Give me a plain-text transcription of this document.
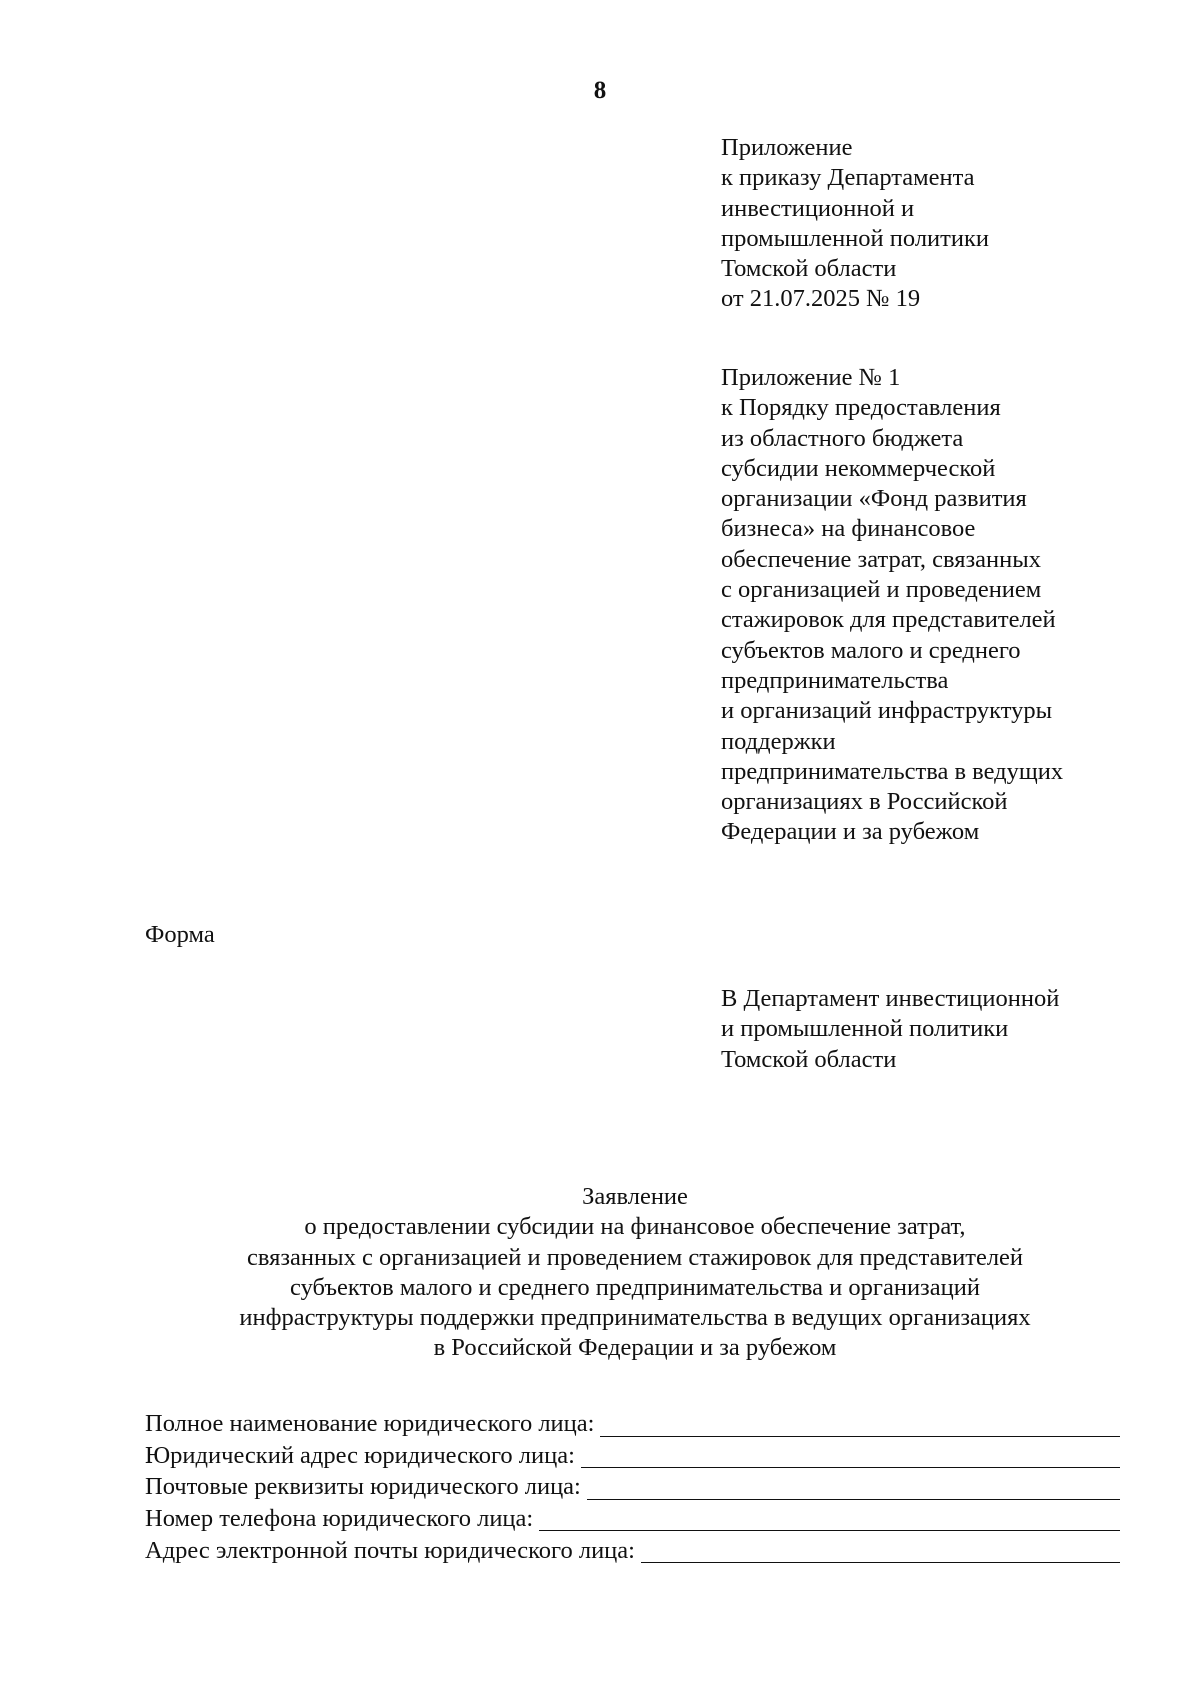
8
Приложение
к приказу Департамента
инвестиционной и
промышленной политики
Томской области
от 21.07.2025 № 19
Приложение № 1
к Порядку предоставления
из областного бюджета
субсидии некоммерческой
организации «Фонд развития
бизнеса» на финансовое
обеспечение затрат, связанных
с организацией и проведением
стажировок для представителей
субъектов малого и среднего
предпринимательства
и организаций инфраструктуры
поддержки
предпринимательства в ведущих
организациях в Российской
Федерации и за рубежом
Форма
В Департамент инвестиционной
и промышленной политики
Томской области
Заявление
о предоставлении субсидии на финансовое обеспечение затрат,
связанных с организацией и проведением стажировок для представителей
субъектов малого и среднего предпринимательства и организаций
инфраструктуры поддержки предпринимательства в ведущих организациях
в Российской Федерации и за рубежом
Полное наименование юридического лица:
Юридический адрес юридического лица:
Почтовые реквизиты юридического лица:
Номер телефона юридического лица:
Адрес электронной почты юридического лица:
